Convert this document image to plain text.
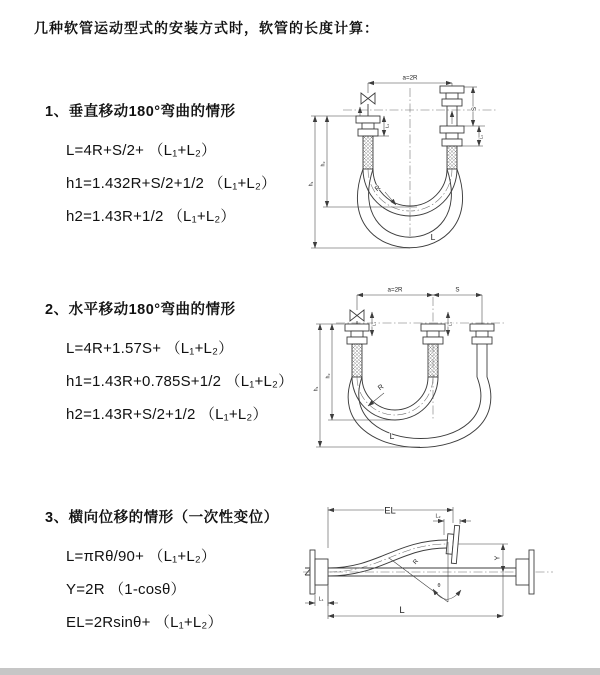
几种软管运动型式的安装方式时，软管的长度计算：
1、垂直移动180°弯曲的情形

L=4R+S/2+ （L₁+L₂）

h1=1.432R+S/2+1/2 （L₁+L₂）

h2=1.43R+1/2 （L₁+L₂）

2、水平移动180°弯曲的情形

L=4R+1.57S+ （L₁+L₂）

h1=1.43R+0.785S+1/2 （L₁+L₂）

h2=1.43R+S/2+1/2 （L₁+L₂）

3、横向位移的情形（一次性变位）

L=πRθ/90+ （L₁+L₂）

Y=2R （1-cosθ）

EL=2Rsinθ+ （L₁+L₂）

a=2R
S
L₂
R
h₁
h₂
L₁
L
a=2R	S
L₁	L₂
R
h₁
h₂
L
EL	L₂
Y
R
θ
L
L₁
